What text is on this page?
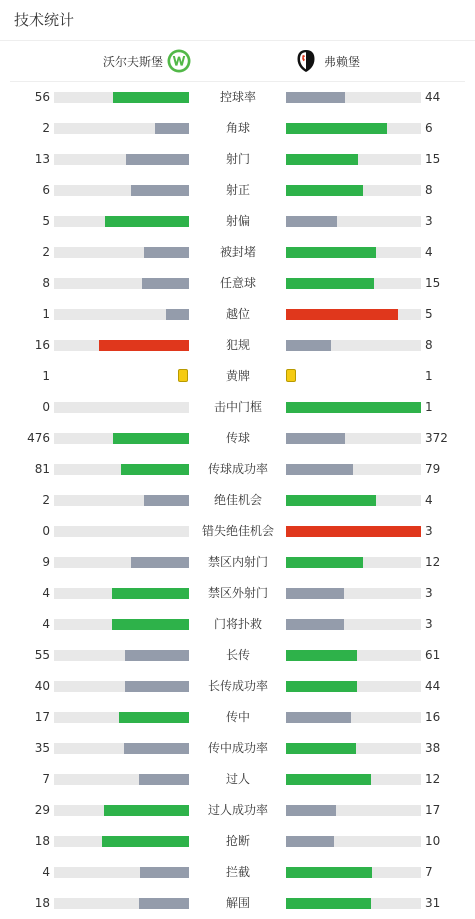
技术统计
沃尔夫斯堡	弗赖堡
56	控球率	44
2	角球	6
13	射门	15
6	射正	8
5	射偏	3
2	被封堵	4
8	任意球	15
1	越位	5
16	犯规	8
1	黄牌	1
0	击中门框	1
476	传球	372
81	传球成功率	79
2	绝佳机会	4
0	错失绝佳机会	3
9	禁区内射门	12
4	禁区外射门	3
4	门将扑救	3
55	长传	61
40	长传成功率	44
17	传中	16
35	传中成功率	38
7	过人	12
29	过人成功率	17
18	抢断	10
4	拦截	7
18	解围	31
